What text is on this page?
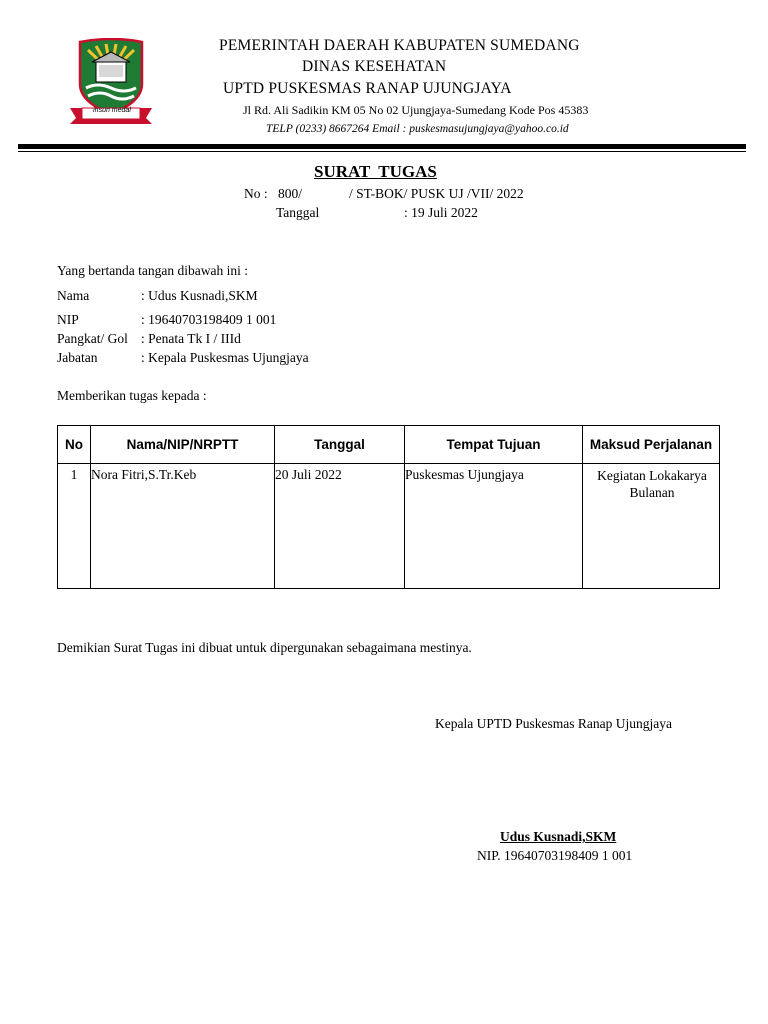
insun medal
PEMERINTAH DAERAH KABUPATEN SUMEDANG
DINAS KESEHATAN
UPTD PUSKESMAS RANAP UJUNGJAYA
Jl Rd. Ali Sadikin KM 05 No 02 Ujungjaya-Sumedang Kode Pos 45383
TELP (0233) 8667264 Email : puskesmasujungjaya@yahoo.co.id
SURAT  TUGAS
No : 800/	/ ST-BOK/ PUSK UJ /VII/ 2022
Tanggal	: 19 Juli 2022
Yang bertanda tangan dibawah ini :
Nama	: Udus Kusnadi,SKM
NIP	: 19640703198409 1 001
Pangkat/ Gol : Penata Tk I / IIId
Jabatan	: Kepala Puskesmas Ujungjaya
Memberikan tugas kepada :
No	Nama/NIP/NRPTT	Tanggal	Tempat Tujuan	Maksud Perjalanan
1	Nora Fitri,S.Tr.Keb	20 Juli 2022	Puskesmas Ujungjaya	Kegiatan Lokakarya Bulanan
Demikian Surat Tugas ini dibuat untuk dipergunakan sebagaimana mestinya.
Kepala UPTD Puskesmas Ranap Ujungjaya
Udus Kusnadi,SKM
NIP. 19640703198409 1 001
